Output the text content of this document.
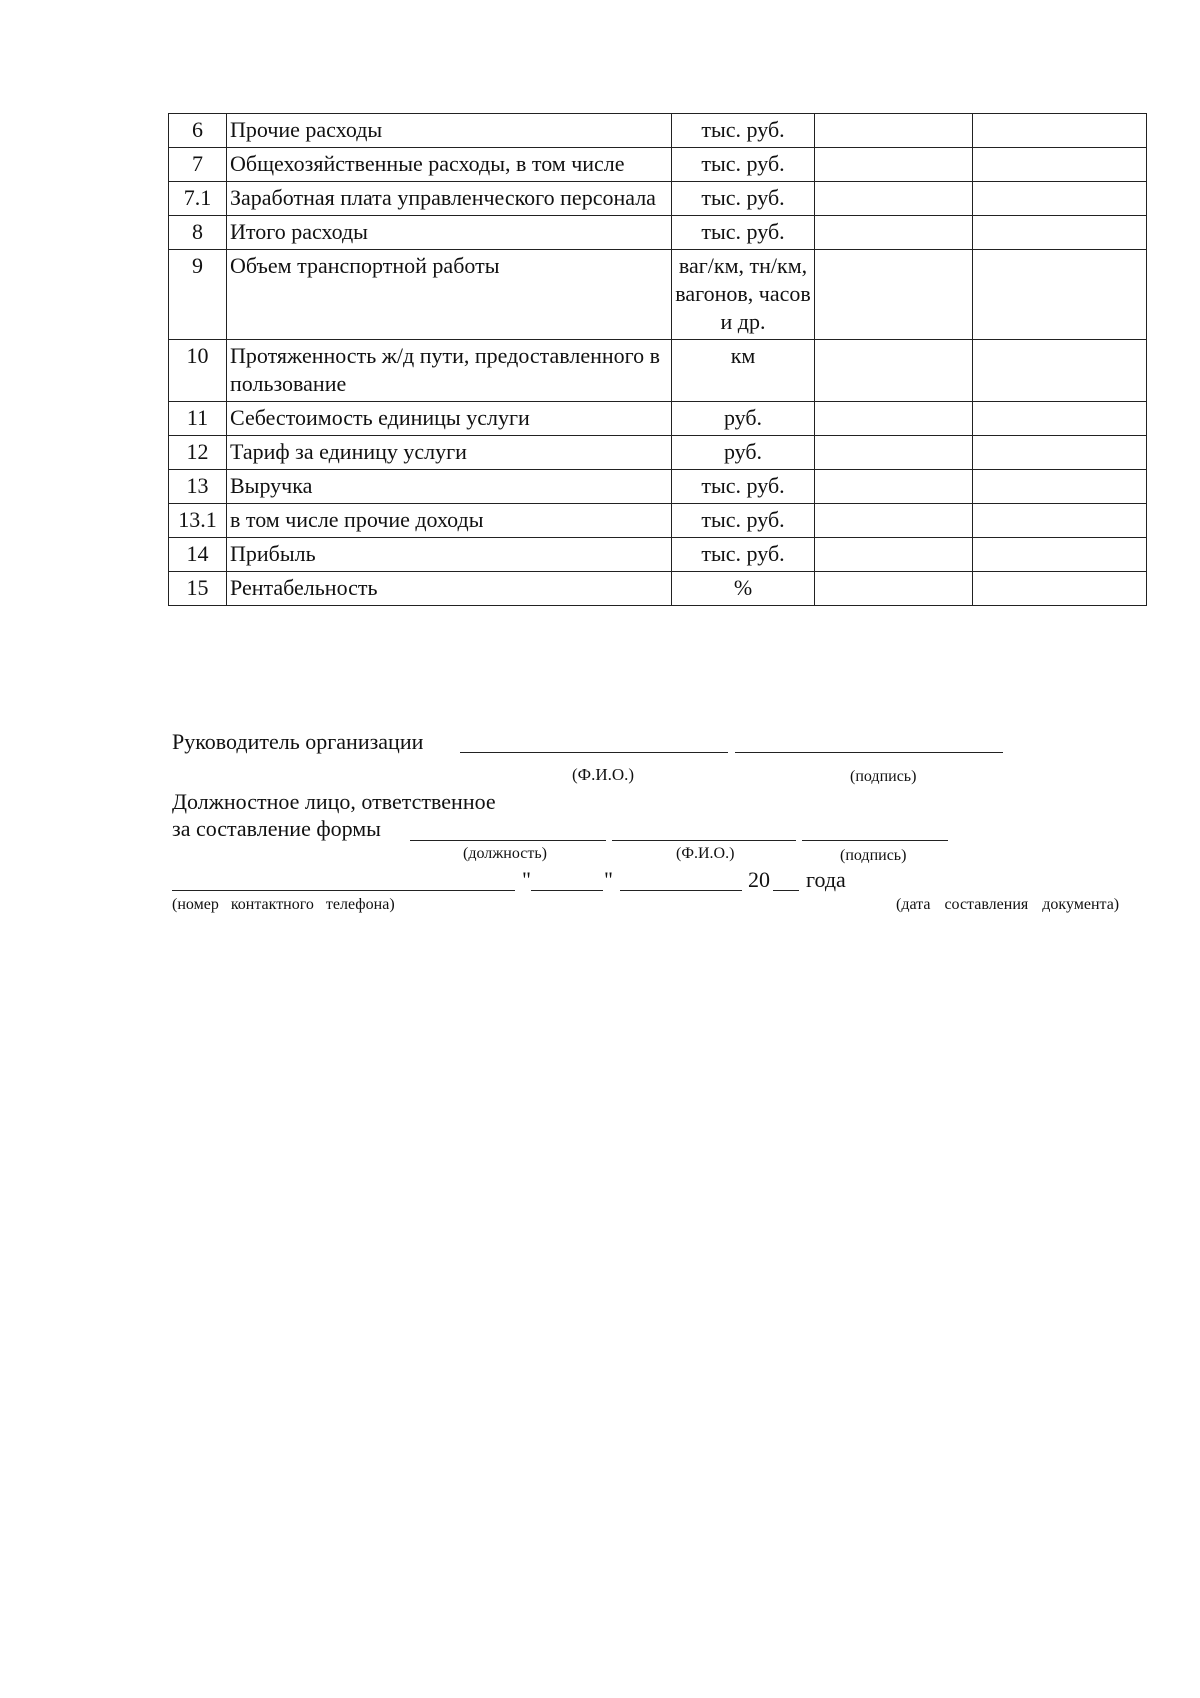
6	Прочие расходы	тыс. руб.		
7	Общехозяйственные расходы, в том числе	тыс. руб.		
7.1	Заработная плата управленческого персонала	тыс. руб.		
8	Итого расходы	тыс. руб.		
9	Объем транспортной работы	ваг/км, тн/км, вагонов, часов и др.		
10	Протяженность ж/д пути, предоставленного в пользование	км		
11	Себестоимость единицы услуги	руб.		
12	Тариф за единицу услуги	руб.		
13	Выручка	тыс. руб.		
13.1	в том числе прочие доходы	тыс. руб.		
14	Прибыль	тыс. руб.		
15	Рентабельность	%		
Руководитель организации
(Ф.И.О.)	(подпись)
Должностное лицо, ответственное
за составление формы
(должность)	(Ф.И.О.)	(подпись)
"	"	20 года
(номер контактного телефона)	(дата составления документа)
